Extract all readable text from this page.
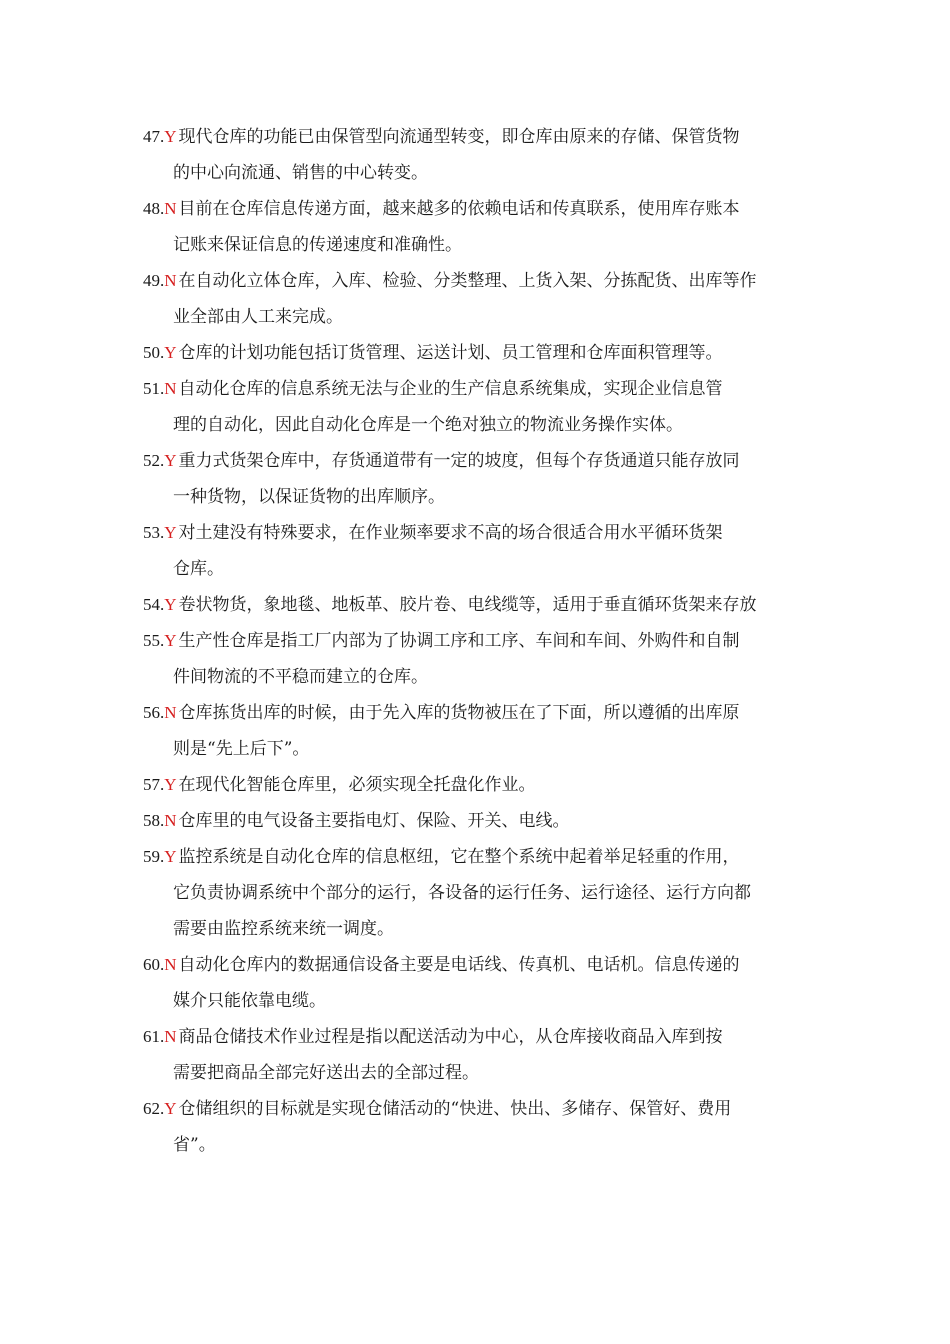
47.Y 现代仓库的功能已由保管型向流通型转变，即仓库由原来的存储、保管货物
的中心向流通、销售的中心转变。
48.N 目前在仓库信息传递方面，越来越多的依赖电话和传真联系，使用库存账本
记账来保证信息的传递速度和准确性。
49.N 在自动化立体仓库，入库、检验、分类整理、上货入架、分拣配货、出库等作
业全部由人工来完成。
50.Y 仓库的计划功能包括订货管理、运送计划、员工管理和仓库面积管理等。
51.N 自动化仓库的信息系统无法与企业的生产信息系统集成，实现企业信息管
理的自动化，因此自动化仓库是一个绝对独立的物流业务操作实体。
52.Y 重力式货架仓库中，存货通道带有一定的坡度，但每个存货通道只能存放同
一种货物，以保证货物的出库顺序。
53.Y 对土建没有特殊要求，在作业频率要求不高的场合很适合用水平循环货架
仓库。
54.Y 卷状物货，象地毯、地板革、胶片卷、电线缆等，适用于垂直循环货架来存放
55.Y 生产性仓库是指工厂内部为了协调工序和工序、车间和车间、外购件和自制
件间物流的不平稳而建立的仓库。
56.N 仓库拣货出库的时候，由于先入库的货物被压在了下面，所以遵循的出库原
则是“先上后下”。
57.Y 在现代化智能仓库里，必须实现全托盘化作业。
58.N 仓库里的电气设备主要指电灯、保险、开关、电线。
59.Y 监控系统是自动化仓库的信息枢纽，它在整个系统中起着举足轻重的作用，
它负责协调系统中个部分的运行，各设备的运行任务、运行途径、运行方向都
需要由监控系统来统一调度。
60.N 自动化仓库内的数据通信设备主要是电话线、传真机、电话机。信息传递的
媒介只能依靠电缆。
61.N 商品仓储技术作业过程是指以配送活动为中心，从仓库接收商品入库到按
需要把商品全部完好送出去的全部过程。
62.Y 仓储组织的目标就是实现仓储活动的“快进、快出、多储存、保管好、费用
省”。
